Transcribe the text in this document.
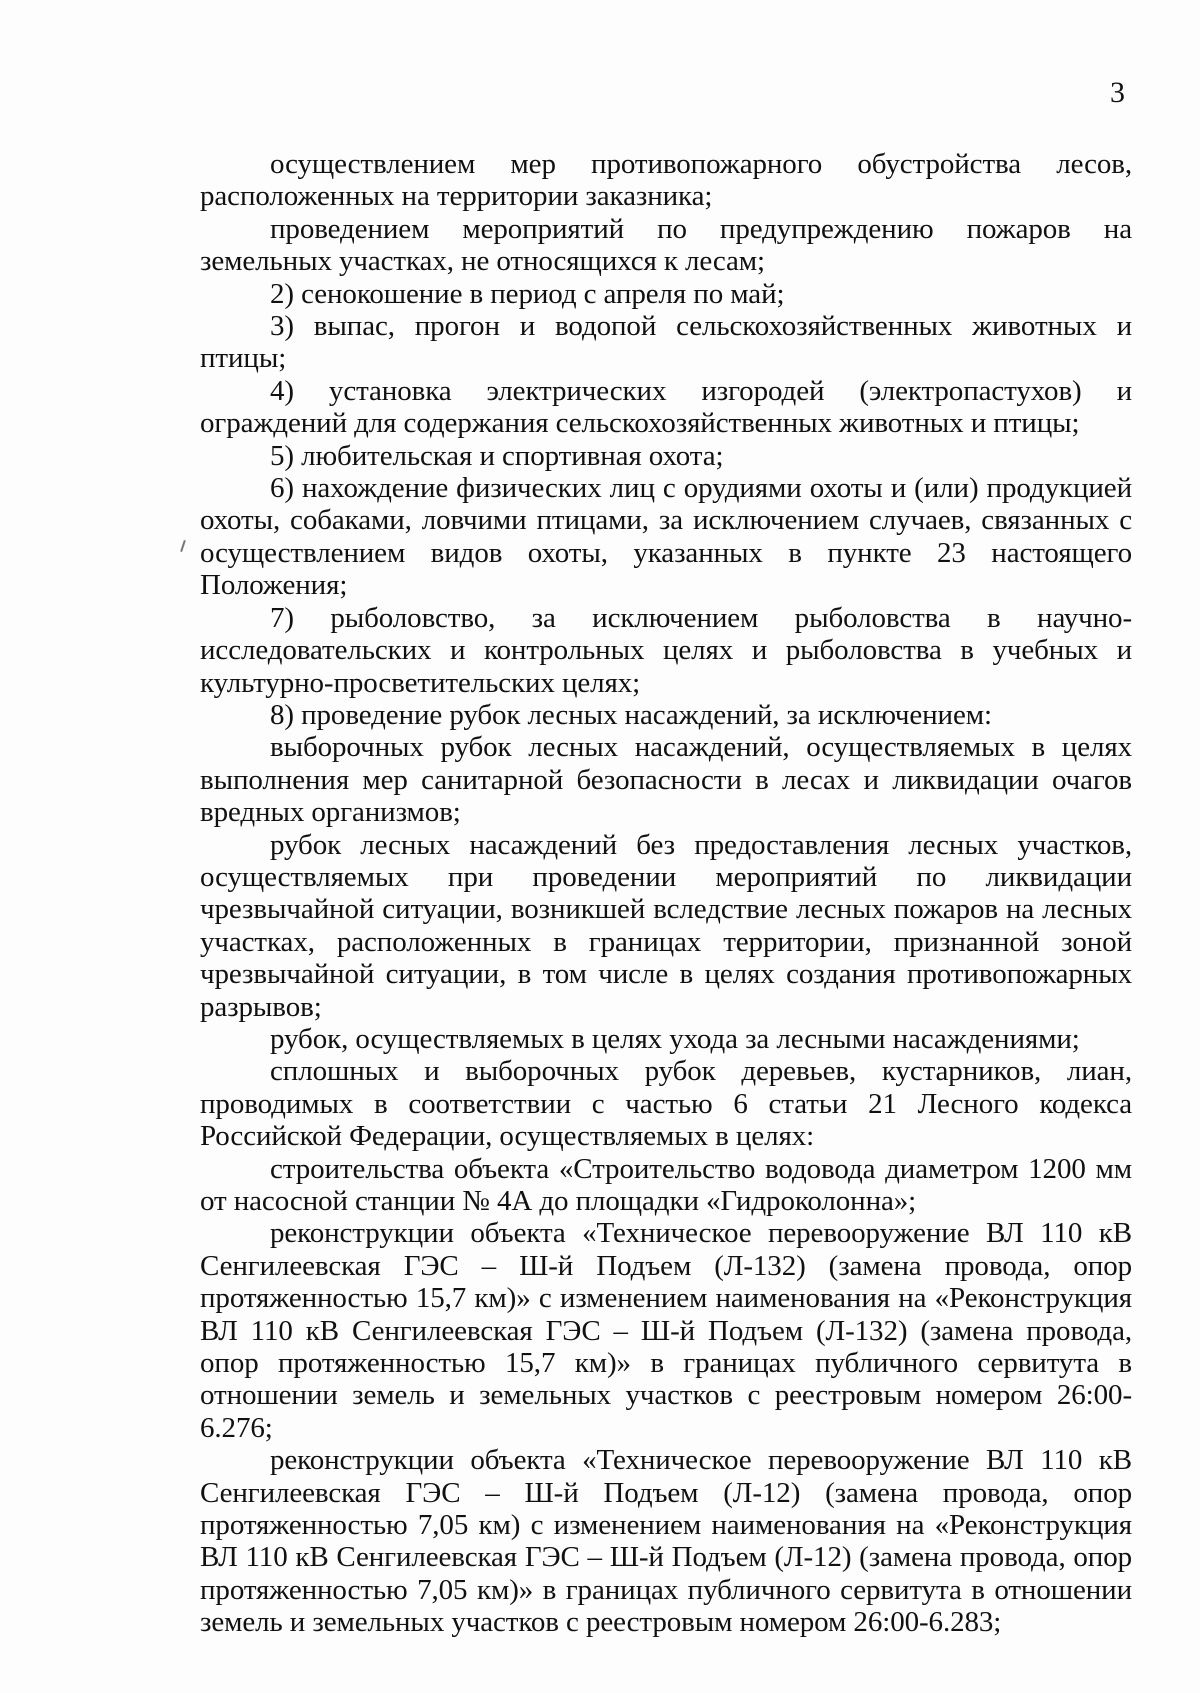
3

осуществлением мер противопожарного обустройства лесов, расположенных на территории заказника;

проведением мероприятий по предупреждению пожаров на земельных участках, не относящихся к лесам;

2) сенокошение в период с апреля по май;

3) выпас, прогон и водопой сельскохозяйственных животных и птицы;

4) установка электрических изгородей (электропастухов) и ограждений для содержания сельскохозяйственных животных и птицы;

5) любительская и спортивная охота;

6) нахождение физических лиц с орудиями охоты и (или) продукцией охоты, собаками, ловчими птицами, за исключением случаев, связанных с осуществлением видов охоты, указанных в пункте 23 настоящего Положения;

7) рыболовство, за исключением рыболовства в научно-исследовательских и контрольных целях и рыболовства в учебных и культурно-просветительских целях;

8) проведение рубок лесных насаждений, за исключением:

выборочных рубок лесных насаждений, осуществляемых в целях выполнения мер санитарной безопасности в лесах и ликвидации очагов вредных организмов;

рубок лесных насаждений без предоставления лесных участков, осуществляемых при проведении мероприятий по ликвидации чрезвычайной ситуации, возникшей вследствие лесных пожаров на лесных участках, расположенных в границах территории, признанной зоной чрезвычайной ситуации, в том числе в целях создания противопожарных разрывов;

рубок, осуществляемых в целях ухода за лесными насаждениями;

сплошных и выборочных рубок деревьев, кустарников, лиан, проводимых в соответствии с частью 6 статьи 21 Лесного кодекса Российской Федерации, осуществляемых в целях:

строительства объекта «Строительство водовода диаметром 1200 мм от насосной станции № 4А до площадки «Гидроколонна»;

реконструкции объекта «Техническое перевооружение ВЛ 110 кВ Сенгилеевская ГЭС – Ш-й Подъем (Л-132) (замена провода, опор протяженностью 15,7 км)» с изменением наименования на «Реконструкция ВЛ 110 кВ Сенгилеевская ГЭС – Ш-й Подъем (Л-132) (замена провода, опор протяженностью 15,7 км)» в границах публичного сервитута в отношении земель и земельных участков с реестровым номером 26:00-6.276;

реконструкции объекта «Техническое перевооружение ВЛ 110 кВ Сенгилеевская ГЭС – Ш-й Подъем (Л-12) (замена провода, опор протяженностью 7,05 км) с изменением наименования на «Реконструкция ВЛ 110 кВ Сенгилеевская ГЭС – Ш-й Подъем (Л-12) (замена провода, опор протяженностью 7,05 км)» в границах публичного сервитута в отношении земель и земельных участков с реестровым номером 26:00-6.283;
